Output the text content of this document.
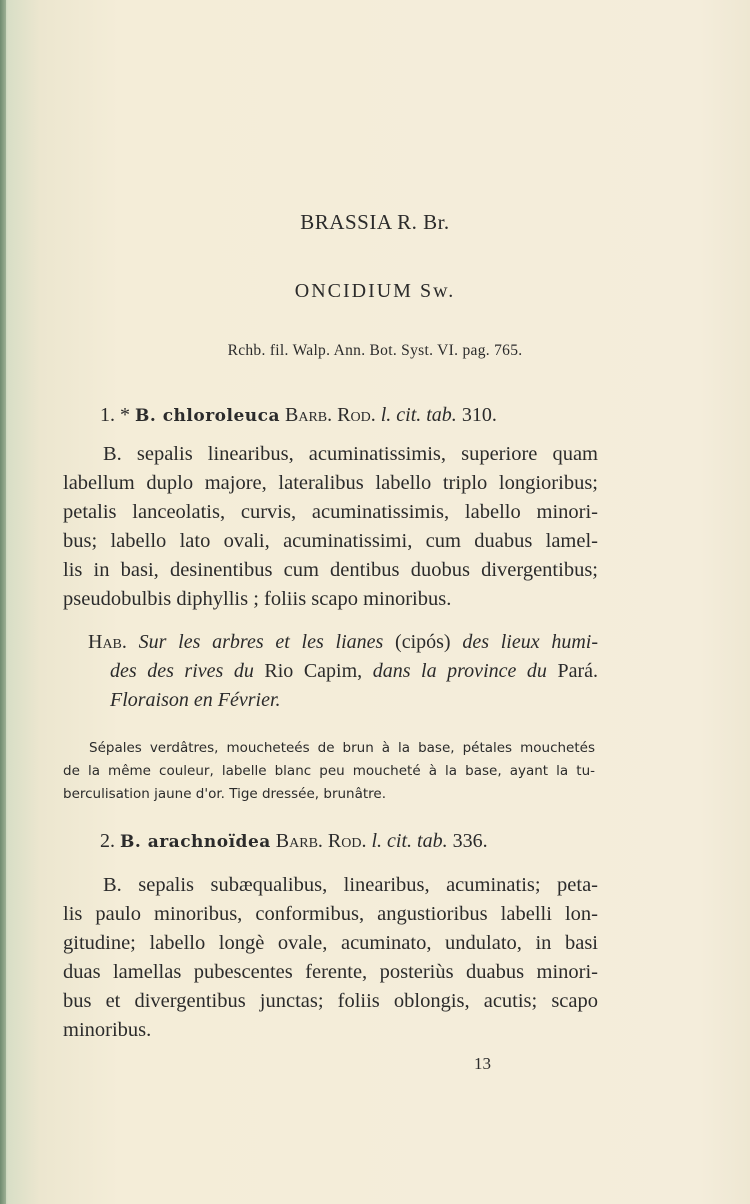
BRASSIA R. Br.
ONCIDIUM Sw.
Rchb. fil. Walp. Ann. Bot. Syst. VI. pag. 765.
1. * B. chloroleuca Barb. Rod. l. cit. tab. 310.
B. sepalis linearibus, acuminatissimis, superiore quam
labellum duplo majore, lateralibus labello triplo longioribus;
petalis lanceolatis, curvis, acuminatissimis, labello minori-
bus; labello lato ovali, acuminatissimi, cum duabus lamel-
lis in basi, desinentibus cum dentibus duobus divergentibus;
pseudobulbis diphyllis ; foliis scapo minoribus.
Hab. Sur les arbres et les lianes (cipós) des lieux humi-
des des rives du Rio Capim, dans la province du Pará.
Floraison en Février.
Sépales verdâtres, moucheteés de brun à la base, pétales mouchetés
de la même couleur, labelle blanc peu moucheté à la base, ayant la tu-
berculisation jaune d'or. Tige dressée, brunâtre.
2. B. arachnoïdea Barb. Rod. l. cit. tab. 336.
B. sepalis subæqualibus, linearibus, acuminatis; peta-
lis paulo minoribus, conformibus, angustioribus labelli lon-
gitudine; labello longè ovale, acuminato, undulato, in basi
duas lamellas pubescentes ferente, posteriùs duabus minori-
bus et divergentibus junctas; foliis oblongis, acutis; scapo
minoribus.
13
